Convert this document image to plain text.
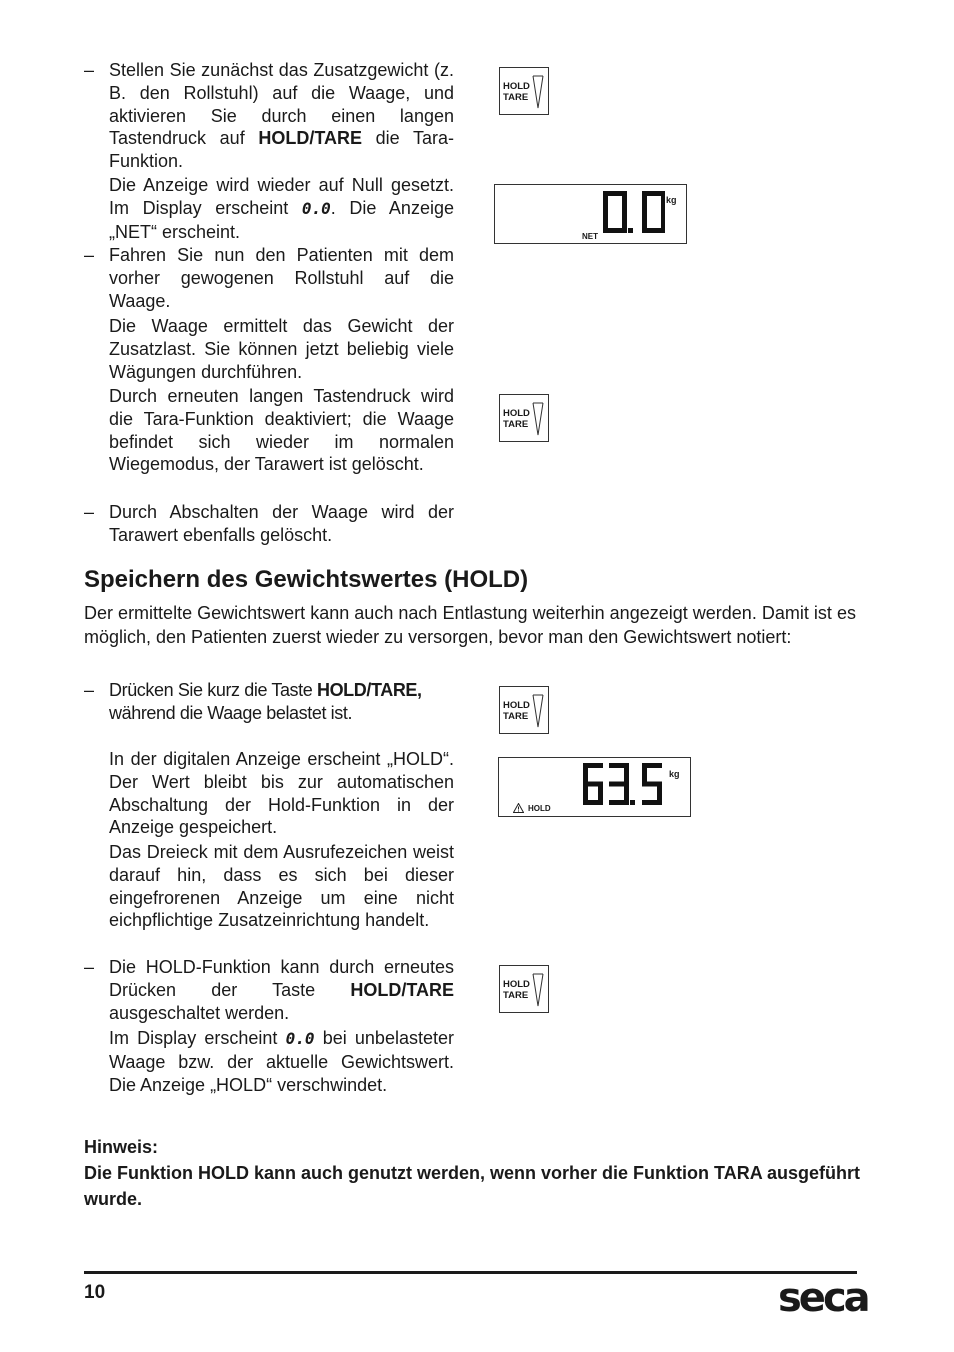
– Stellen Sie zunächst das Zusatzgewicht (z. B. den Rollstuhl) auf die Waage, und aktivieren Sie durch einen langen Tastendruck auf HOLD/TARE die Tara-Funktion.

Die Anzeige wird wieder auf Null gesetzt. Im Display erscheint 0.0. Die Anzeige „NET“ erscheint.

– Fahren Sie nun den Patienten mit dem vorher gewogenen Rollstuhl auf die Waage.

Die Waage ermittelt das Gewicht der Zusatzlast. Sie können jetzt beliebig viele Wägungen durchführen.

Durch erneuten langen Tastendruck wird die Tara-Funktion deaktiviert; die Waage befindet sich wieder im normalen Wiegemodus, der Tarawert ist gelöscht.

– Durch Abschalten der Waage wird der Tarawert ebenfalls gelöscht.

Speichern des Gewichtswertes (HOLD)

Der ermittelte Gewichtswert kann auch nach Entlastung weiterhin angezeigt werden. Damit ist es möglich, den Patienten zuerst wieder zu versorgen, bevor man den Gewichtswert notiert:

– Drücken Sie kurz die Taste HOLD/TARE,
während die Waage belastet ist.

In der digitalen Anzeige erscheint „HOLD“. Der Wert bleibt bis zur automatischen Abschaltung der Hold-Funktion in der Anzeige gespeichert.

Das Dreieck mit dem Ausrufezeichen weist darauf hin, dass es sich bei dieser eingefrorenen Anzeige um eine nicht eichpflichtige Zusatzeinrichtung handelt.

– Die HOLD-Funktion kann durch erneutes Drücken der Taste HOLD/TARE ausgeschaltet werden.

Im Display erscheint 0.0 bei unbelasteter Waage bzw. der aktuelle Gewichtswert. Die Anzeige „HOLD“ verschwindet.

Hinweis:

Die Funktion HOLD kann auch genutzt werden, wenn vorher die Funktion TARA ausgeführt wurde.

HOLD
TARE
HOLD
TARE
HOLD
TARE
HOLD
TARE
kg
NET
kg
HOLD
10	seca
